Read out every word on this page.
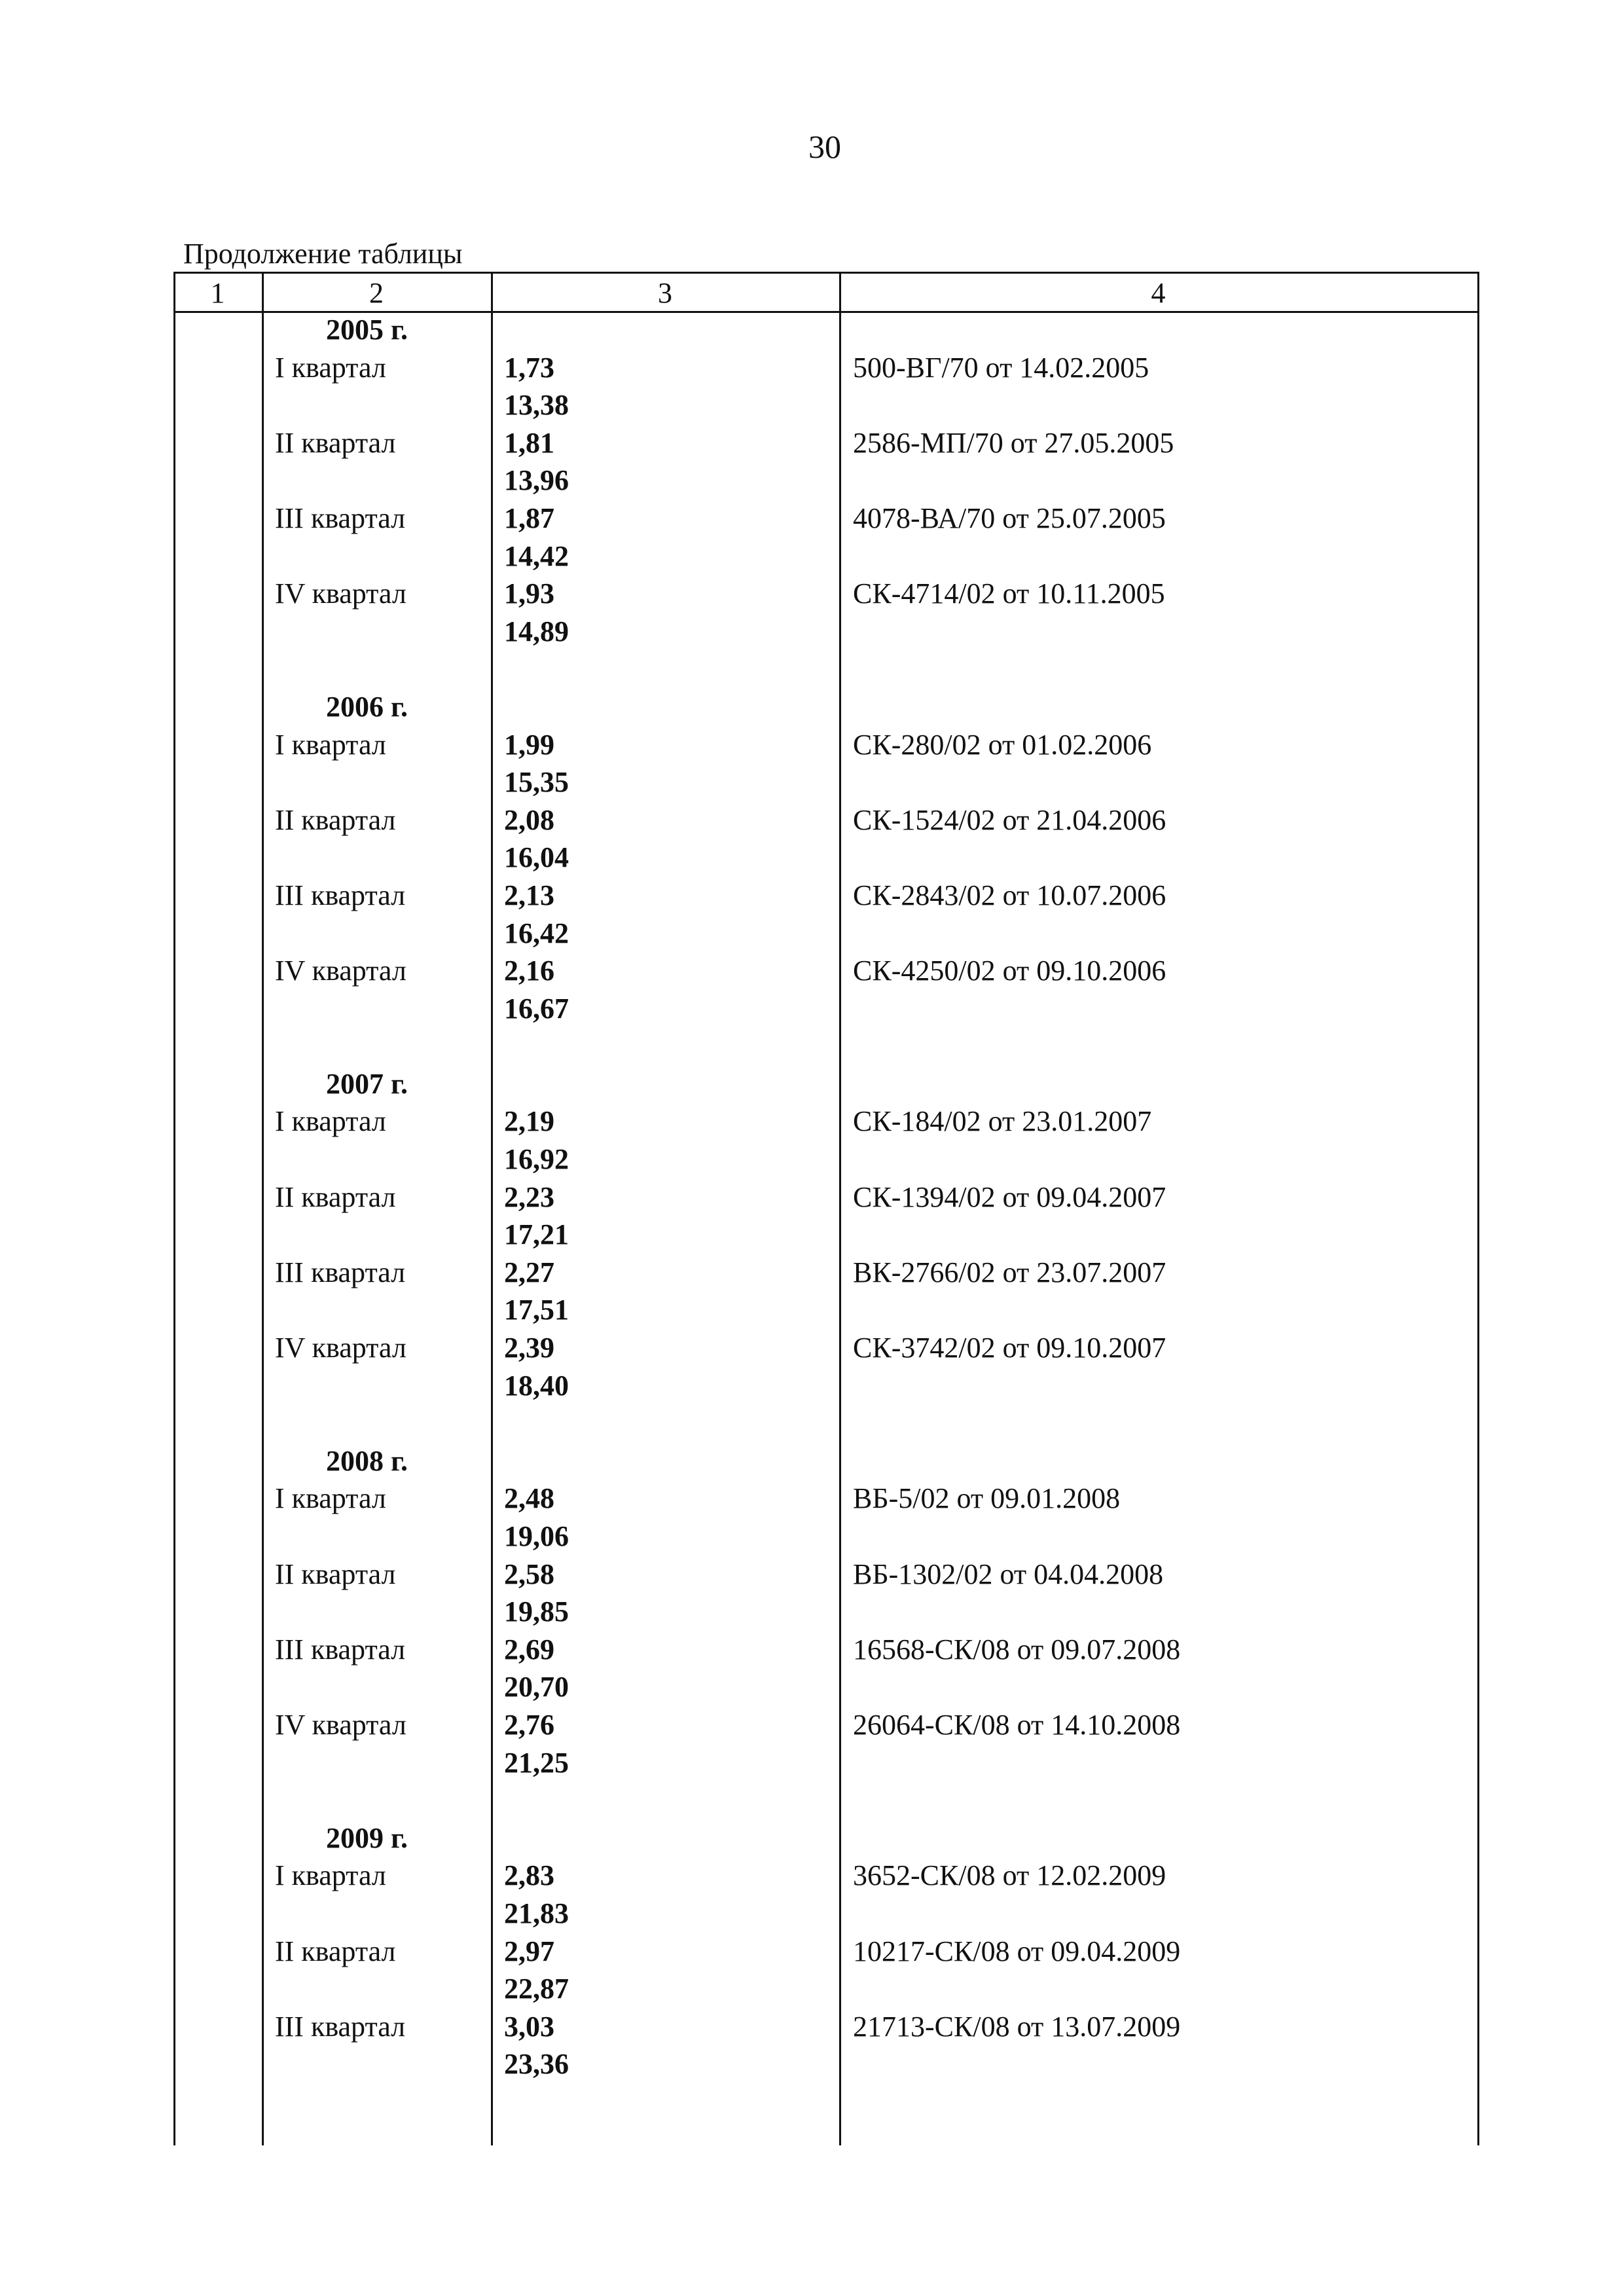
30
Продолжение таблицы
1	2	3	4
2005 г.
I квартал	1,73	500-ВГ/70 от 14.02.2005
13,38
II квартал	1,81	2586-МП/70 от 27.05.2005
13,96
III квартал	1,87	4078-ВА/70 от 25.07.2005
14,42
IV квартал	1,93	СК-4714/02 от 10.11.2005
14,89
2006 г.
I квартал	1,99	СК-280/02 от 01.02.2006
15,35
II квартал	2,08	СК-1524/02 от 21.04.2006
16,04
III квартал	2,13	СК-2843/02 от 10.07.2006
16,42
IV квартал	2,16	СК-4250/02 от 09.10.2006
16,67
2007 г.
I квартал	2,19	СК-184/02 от 23.01.2007
16,92
II квартал	2,23	СК-1394/02 от 09.04.2007
17,21
III квартал	2,27	ВК-2766/02 от 23.07.2007
17,51
IV квартал	2,39	СК-3742/02 от 09.10.2007
18,40
2008 г.
I квартал	2,48	ВБ-5/02 от 09.01.2008
19,06
II квартал	2,58	ВБ-1302/02 от 04.04.2008
19,85
III квартал	2,69	16568-СК/08 от 09.07.2008
20,70
IV квартал	2,76	26064-СК/08 от 14.10.2008
21,25
2009 г.
I квартал	2,83	3652-СК/08 от 12.02.2009
21,83
II квартал	2,97	10217-СК/08 от 09.04.2009
22,87
III квартал	3,03	21713-СК/08 от 13.07.2009
23,36
